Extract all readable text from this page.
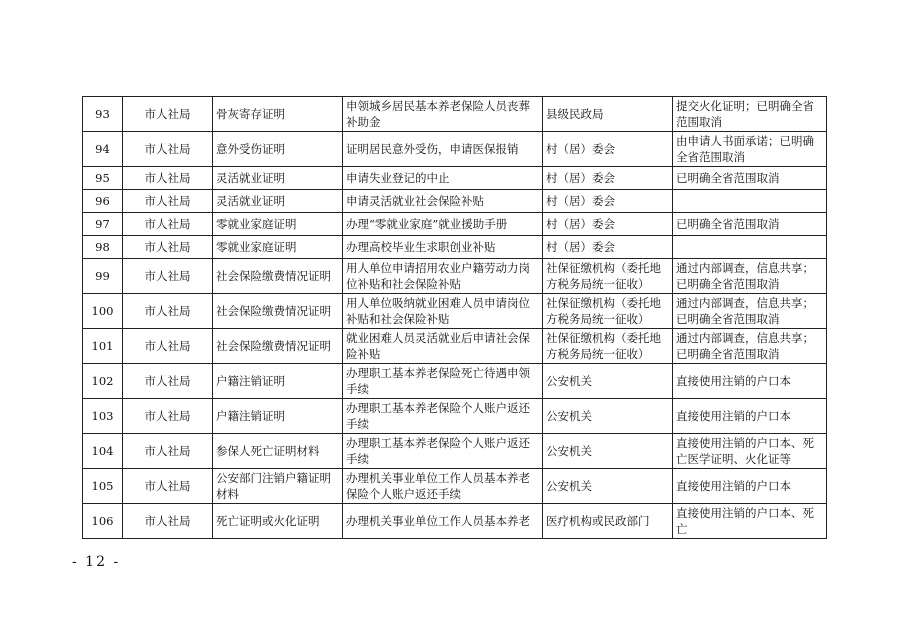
93	市人社局	骨灰寄存证明	申领城乡居民基本养老保险人员丧葬补助金	县级民政局	提交火化证明；已明确全省范围取消
94	市人社局	意外受伤证明	证明居民意外受伤，申请医保报销	村（居）委会	由申请人书面承诺；已明确全省范围取消
95	市人社局	灵活就业证明	申请失业登记的中止	村（居）委会	已明确全省范围取消
96	市人社局	灵活就业证明	申请灵活就业社会保险补贴	村（居）委会	
97	市人社局	零就业家庭证明	办理“零就业家庭”就业援助手册	村（居）委会	已明确全省范围取消
98	市人社局	零就业家庭证明	办理高校毕业生求职创业补贴	村（居）委会	
99	市人社局	社会保险缴费情况证明	用人单位申请招用农业户籍劳动力岗位补贴和社会保险补贴	社保征缴机构（委托地方税务局统一征收）	通过内部调查，信息共享；已明确全省范围取消
100	市人社局	社会保险缴费情况证明	用人单位吸纳就业困难人员申请岗位补贴和社会保险补贴	社保征缴机构（委托地方税务局统一征收）	通过内部调查，信息共享；已明确全省范围取消
101	市人社局	社会保险缴费情况证明	就业困难人员灵活就业后申请社会保险补贴	社保征缴机构（委托地方税务局统一征收）	通过内部调查，信息共享；已明确全省范围取消
102	市人社局	户籍注销证明	办理职工基本养老保险死亡待遇申领手续	公安机关	直接使用注销的户口本
103	市人社局	户籍注销证明	办理职工基本养老保险个人账户返还手续	公安机关	直接使用注销的户口本
104	市人社局	参保人死亡证明材料	办理职工基本养老保险个人账户返还手续	公安机关	直接使用注销的户口本、死亡医学证明、火化证等
105	市人社局	公安部门注销户籍证明材料	办理机关事业单位工作人员基本养老保险个人账户返还手续	公安机关	直接使用注销的户口本
106	市人社局	死亡证明或火化证明	办理机关事业单位工作人员基本养老	医疗机构或民政部门	直接使用注销的户口本、死亡
- 12 -
